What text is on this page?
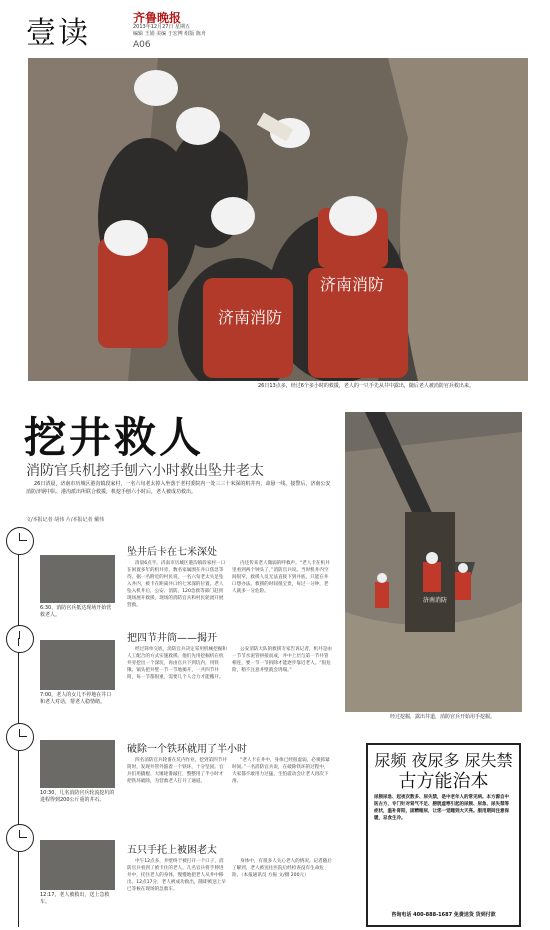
壹读	齐鲁晚报
2013年12月27日 星期五
编辑 王娟 美编 于宏博 组版 陈舟
A06
济南消防
济南消防
26日13点多，经过6个多小时的救援，老人的一只手先从井中露出，随后老人被消防官兵救出来。
挖井救人
消防官兵机挖手刨六小时救出坠井老太
26日清晨，济南市历城区港沟镇段家村，一名六旬老太掉入坐落于老村委院内一处三三十米深的机井内，命悬一线。接警后，济南公安消防济钢中队、港沟派出所联合救援，机挖手刨六小时后，老人被成功救出。
文/本报记者 胡伟 片/本报记者 戴伟
6:30，消防官兵抵达现场开始营救老人。
7:00，老人的女儿不停地在井口和老人对话，帮老人稳情绪。
10:30，几名消防官兵轮流挖坑的进程得到200公斤重的井石。
12:17，老人被救出，送上急救车。
坠井后卡在七米深处
清晨6点半，济南市历城区港沟镇段家村一口在闲置多年的机井旁，数名家属围在井口焦急等待。据一名附近的村民说，一名六旬老太失足坠入井内，被卡在距离井口约七米深的位置。老人坠入机井后，公安、消防、120急救等部门赶到现场展开救援，现场的消防官兵和村民轮流开展营救。
内还传来老人微弱的呼救声。“老人卡在机井里看到两个钟头了，”消防官兵说。当时机井内空间很窄，救援人员无法直接下到井底，只能在井口想办法。救援的时间很宝贵，每过一分钟，老人就多一分危险。
把四节井筒——揭开
经过简单交底，消防官兵决定采用机械挖掘和人工配合的方式实施救援。他们先用挖掘机在机井旁挖出一个深坑，再由官兵下到坑内，用铁锹、镐头把井壁一节一节地揭开，一共四节井筒，每一节都很重，需要几个人合力才能搬开。
公安消防大队的救援专家告诉记者，机井是由一节节水泥管拼接而成，井中上层与第一节井管相连，要一节一节拆除才能逐步靠近老人。“很危险，稍不注意井壁就会坍塌。”
破除一个铁环就用了半小时
四名消防官兵轮番在坑内作业，挖到第四节井筒时，发现井管外箍着一个铁环，十分坚固。官兵们用撬棍、大锤轮番敲打，整整用了半小时才把铁环破除，为营救老人打开了通道。
“老人卡在井中，身体已经很虚弱，必须抓紧时间。”一名消防官兵说，在破除铁环的过程中，大家都不敢用力过猛，生怕震动会让老人再次下滑。
五只手托上被困老太
中午12点多，井壁终于被打开一个口子，消防官兵看到了被卡住的老人。几名官兵将手伸进井中，托住老人的身体，慢慢地把老人从井中移出。12点17分，老人被成功救出，随即被送上早已等候在现场的急救车。
身体中，有很多人关心老人的情况。记者随后了解到，老人被送往医院后经检查没有生命危险。（本报通讯员 方振 文/摄 200元）
济南消防
经过挖掘，露出井道，消防官兵开始用手挖掘。
尿频 夜尿多 尿失禁
古方能治本
尿频尿急、起夜次数多、尿失禁，是中老年人的常见病。本方源自中医古方，专门针对肾气不足、膀胱虚寒引起的尿频、尿急、尿失禁等症状，温补肾阳，固精缩尿，让您一觉睡到大天亮。服用期间注意保暖，忌食生冷。
咨询电话 400-888-1687 免费送货 货到付款
